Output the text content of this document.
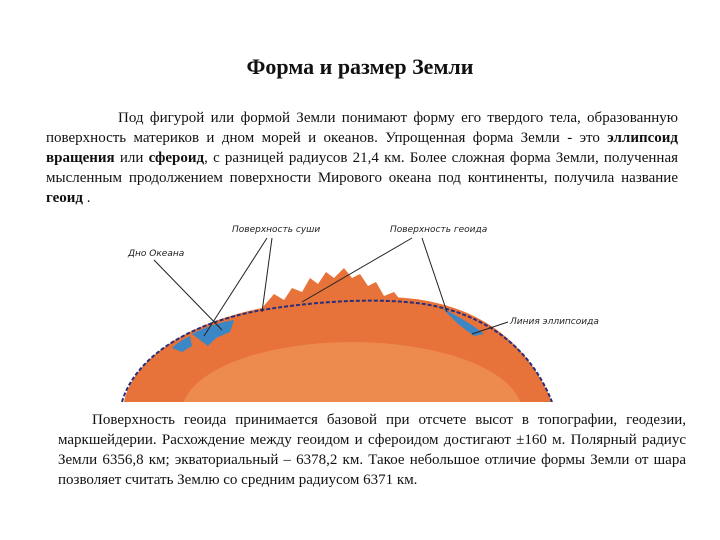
Форма и размер Земли

Под фигурой или формой Земли понимают форму его твердого тела, образованную поверхность материков и дном морей и океанов. Упрощенная форма Земли - это эллипсоид вращения или сфероид, с разницей радиусов 21,4 км. Более сложная форма Земли, полученная мысленным продолжением поверхности Мирового океана под континенты, получила название геоид .

Поверхность суши	Поверхность геоида
Дно Океана
Линия эллипсоида

Поверхность геоида принимается базовой при отсчете высот в топографии, геодезии, маркшейдерии. Расхождение между геоидом и сфероидом достигают ±160 м. Полярный радиус Земли 6356,8 км; экваториальный – 6378,2 км. Такое небольшое отличие формы Земли от шара позволяет считать Землю со средним радиусом 6371 км.
